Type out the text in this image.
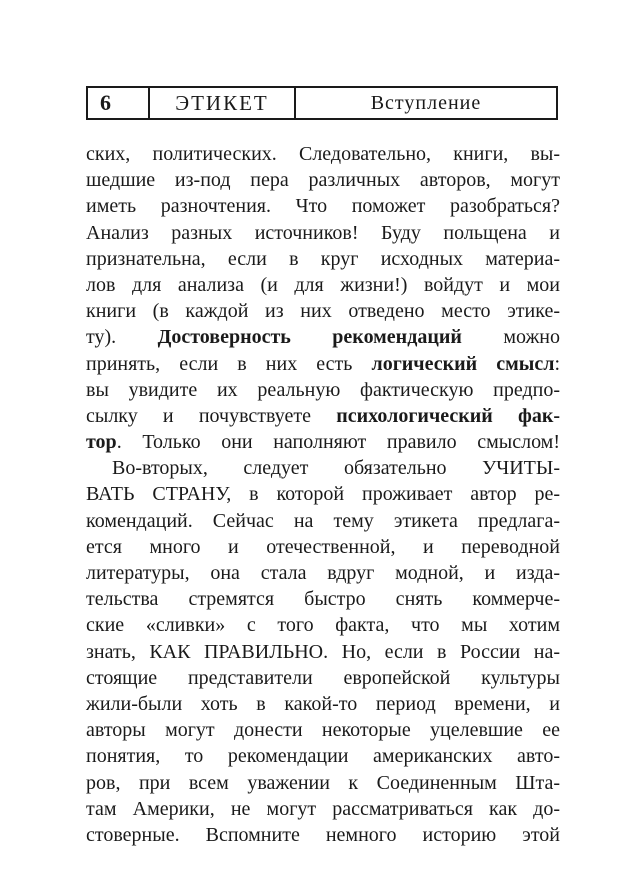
6	ЭТИКЕТ	Вступление
ских, политических. Следовательно, книги, вы-
шедшие из-под пера различных авторов, могут
иметь разночтения. Что поможет разобраться?
Анализ разных источников! Буду польщена и
признательна, если в круг исходных материа-
лов для анализа (и для жизни!) войдут и мои
книги (в каждой из них отведено место этике-
ту). Достоверность рекомендаций можно
принять, если в них есть логический смысл:
вы увидите их реальную фактическую предпо-
сылку и почувствуете психологический фак-
тор. Только они наполняют правило смыслом!
Во-вторых, следует обязательно УЧИТЫ-
ВАТЬ СТРАНУ, в которой проживает автор ре-
комендаций. Сейчас на тему этикета предлага-
ется много и отечественной, и переводной
литературы, она стала вдруг модной, и изда-
тельства стремятся быстро снять коммерче-
ские «сливки» с того факта, что мы хотим
знать, КАК ПРАВИЛЬНО. Но, если в России на-
стоящие представители европейской культуры
жили-были хоть в какой-то период времени, и
авторы могут донести некоторые уцелевшие ее
понятия, то рекомендации американских авто-
ров, при всем уважении к Соединенным Шта-
там Америки, не могут рассматриваться как до-
стоверные. Вспомните немного историю этой
